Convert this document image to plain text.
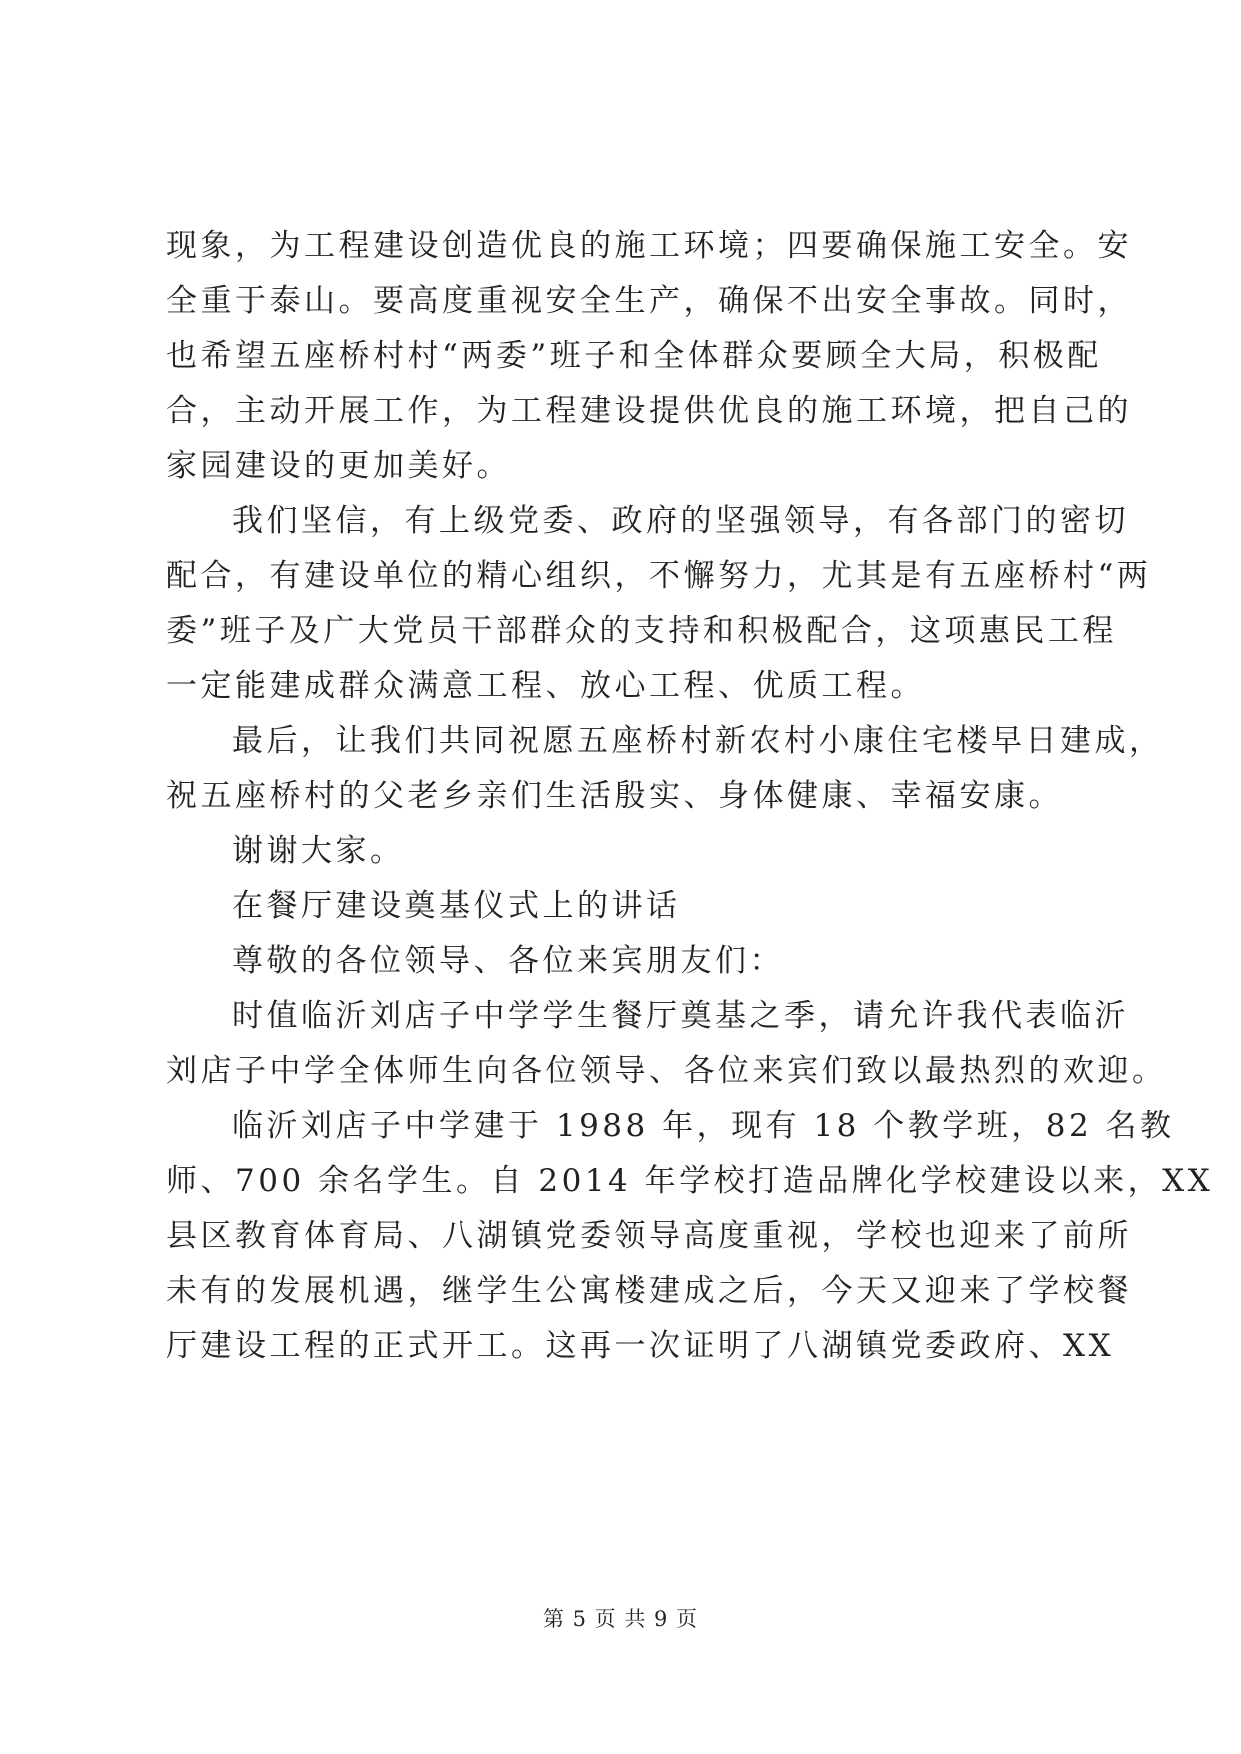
现象，为工程建设创造优良的施工环境；四要确保施工安全。安
全重于泰山。要高度重视安全生产，确保不出安全事故。同时，
也希望五座桥村村“两委”班子和全体群众要顾全大局，积极配
合，主动开展工作，为工程建设提供优良的施工环境，把自己的
家园建设的更加美好。
我们坚信，有上级党委、政府的坚强领导，有各部门的密切
配合，有建设单位的精心组织，不懈努力，尤其是有五座桥村“两
委”班子及广大党员干部群众的支持和积极配合，这项惠民工程
一定能建成群众满意工程、放心工程、优质工程。
最后，让我们共同祝愿五座桥村新农村小康住宅楼早日建成，
祝五座桥村的父老乡亲们生活殷实、身体健康、幸福安康。
谢谢大家。
在餐厅建设奠基仪式上的讲话
尊敬的各位领导、各位来宾朋友们：
时值临沂刘店子中学学生餐厅奠基之季，请允许我代表临沂
刘店子中学全体师生向各位领导、各位来宾们致以最热烈的欢迎。
临沂刘店子中学建于 1988 年，现有 18 个教学班，82 名教
师、700 余名学生。自 2014 年学校打造品牌化学校建设以来，XX
县区教育体育局、八湖镇党委领导高度重视，学校也迎来了前所
未有的发展机遇，继学生公寓楼建成之后，今天又迎来了学校餐
厅建设工程的正式开工。这再一次证明了八湖镇党委政府、XX
第 5 页 共 9 页
